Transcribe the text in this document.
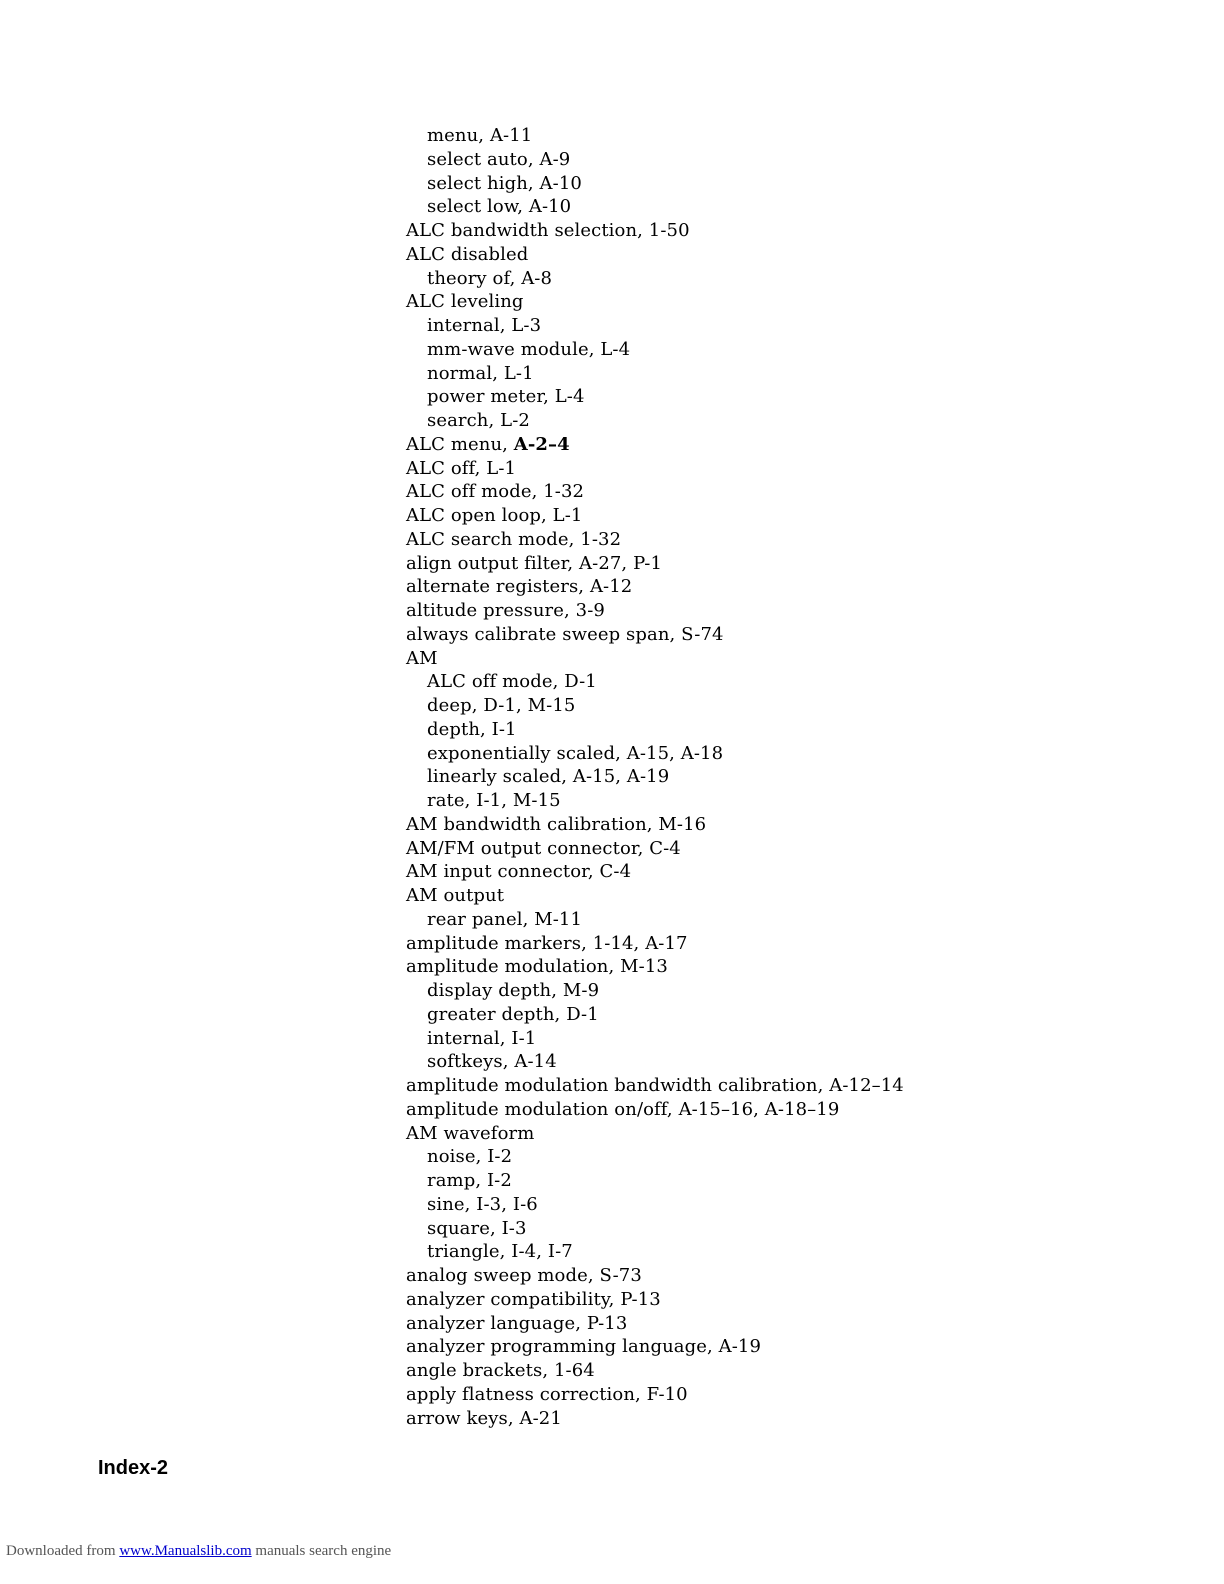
menu, A-11
select auto, A-9
select high, A-10
select low, A-10
ALC bandwidth selection, 1-50
ALC disabled
theory of, A-8
ALC leveling
internal, L-3
mm-wave module, L-4
normal, L-1
power meter, L-4
search, L-2
ALC menu, A-2–4
ALC off, L-1
ALC off mode, 1-32
ALC open loop, L-1
ALC search mode, 1-32
align output filter, A-27, P-1
alternate registers, A-12
altitude pressure, 3-9
always calibrate sweep span, S-74
AM
ALC off mode, D-1
deep, D-1, M-15
depth, I-1
exponentially scaled, A-15, A-18
linearly scaled, A-15, A-19
rate, I-1, M-15
AM bandwidth calibration, M-16
AM/FM output connector, C-4
AM input connector, C-4
AM output
rear panel, M-11
amplitude markers, 1-14, A-17
amplitude modulation, M-13
display depth, M-9
greater depth, D-1
internal, I-1
softkeys, A-14
amplitude modulation bandwidth calibration, A-12–14
amplitude modulation on/off, A-15–16, A-18–19
AM waveform
noise, I-2
ramp, I-2
sine, I-3, I-6
square, I-3
triangle, I-4, I-7
analog sweep mode, S-73
analyzer compatibility, P-13
analyzer language, P-13
analyzer programming language, A-19
angle brackets, 1-64
apply flatness correction, F-10
arrow keys, A-21
Index-2
Downloaded from www.Manualslib.com manuals search engine
